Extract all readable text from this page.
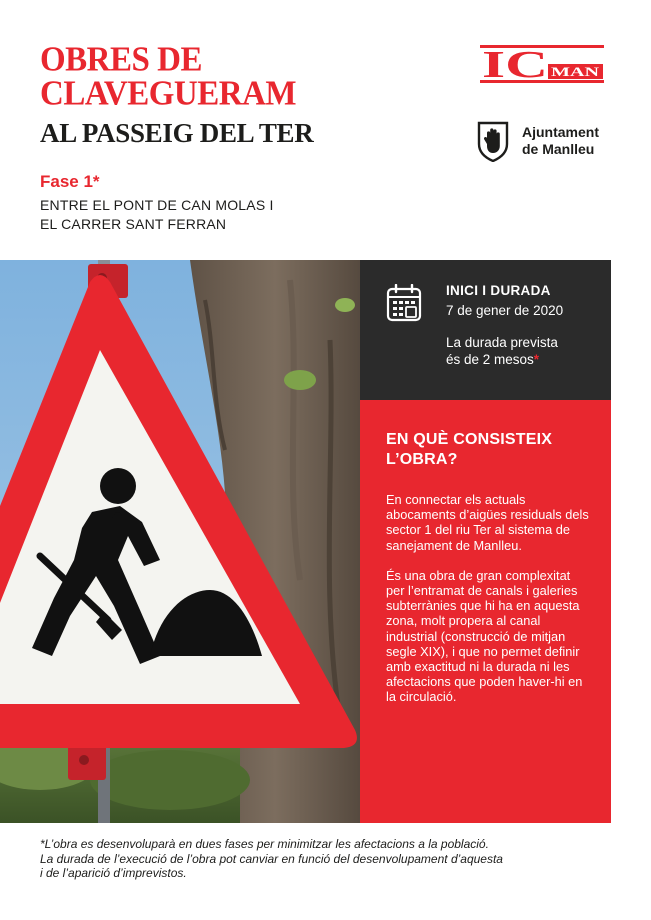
OBRES DE
CLAVEGUERAM
AL PASSEIG DEL TER
Fase 1*
ENTRE EL PONT DE CAN MOLAS I
EL CARRER SANT FERRAN
IC MAN
Ajuntament
de Manlleu
INICI I DURADA
7 de gener de 2020
La durada prevista
és de 2 mesos*
EN QUÈ CONSISTEIX
L’OBRA?

En connectar els actuals abocaments d’aigües residuals dels sector 1 del riu Ter al sistema de sanejament de Manlleu.

És una obra de gran complexitat per l’entramat de canals i galeries subterrànies que hi ha en aquesta zona, molt propera al canal industrial (construcció de mitjan segle XIX), i que no permet definir amb exactitud ni la durada ni les afectacions que poden haver-hi en la circulació.

*L’obra es desenvoluparà en dues fases per minimitzar les afectacions a la població.
La durada de l’execució de l’obra pot canviar en funció del desenvolupament d’aquesta
i de l’aparició d’imprevistos.
